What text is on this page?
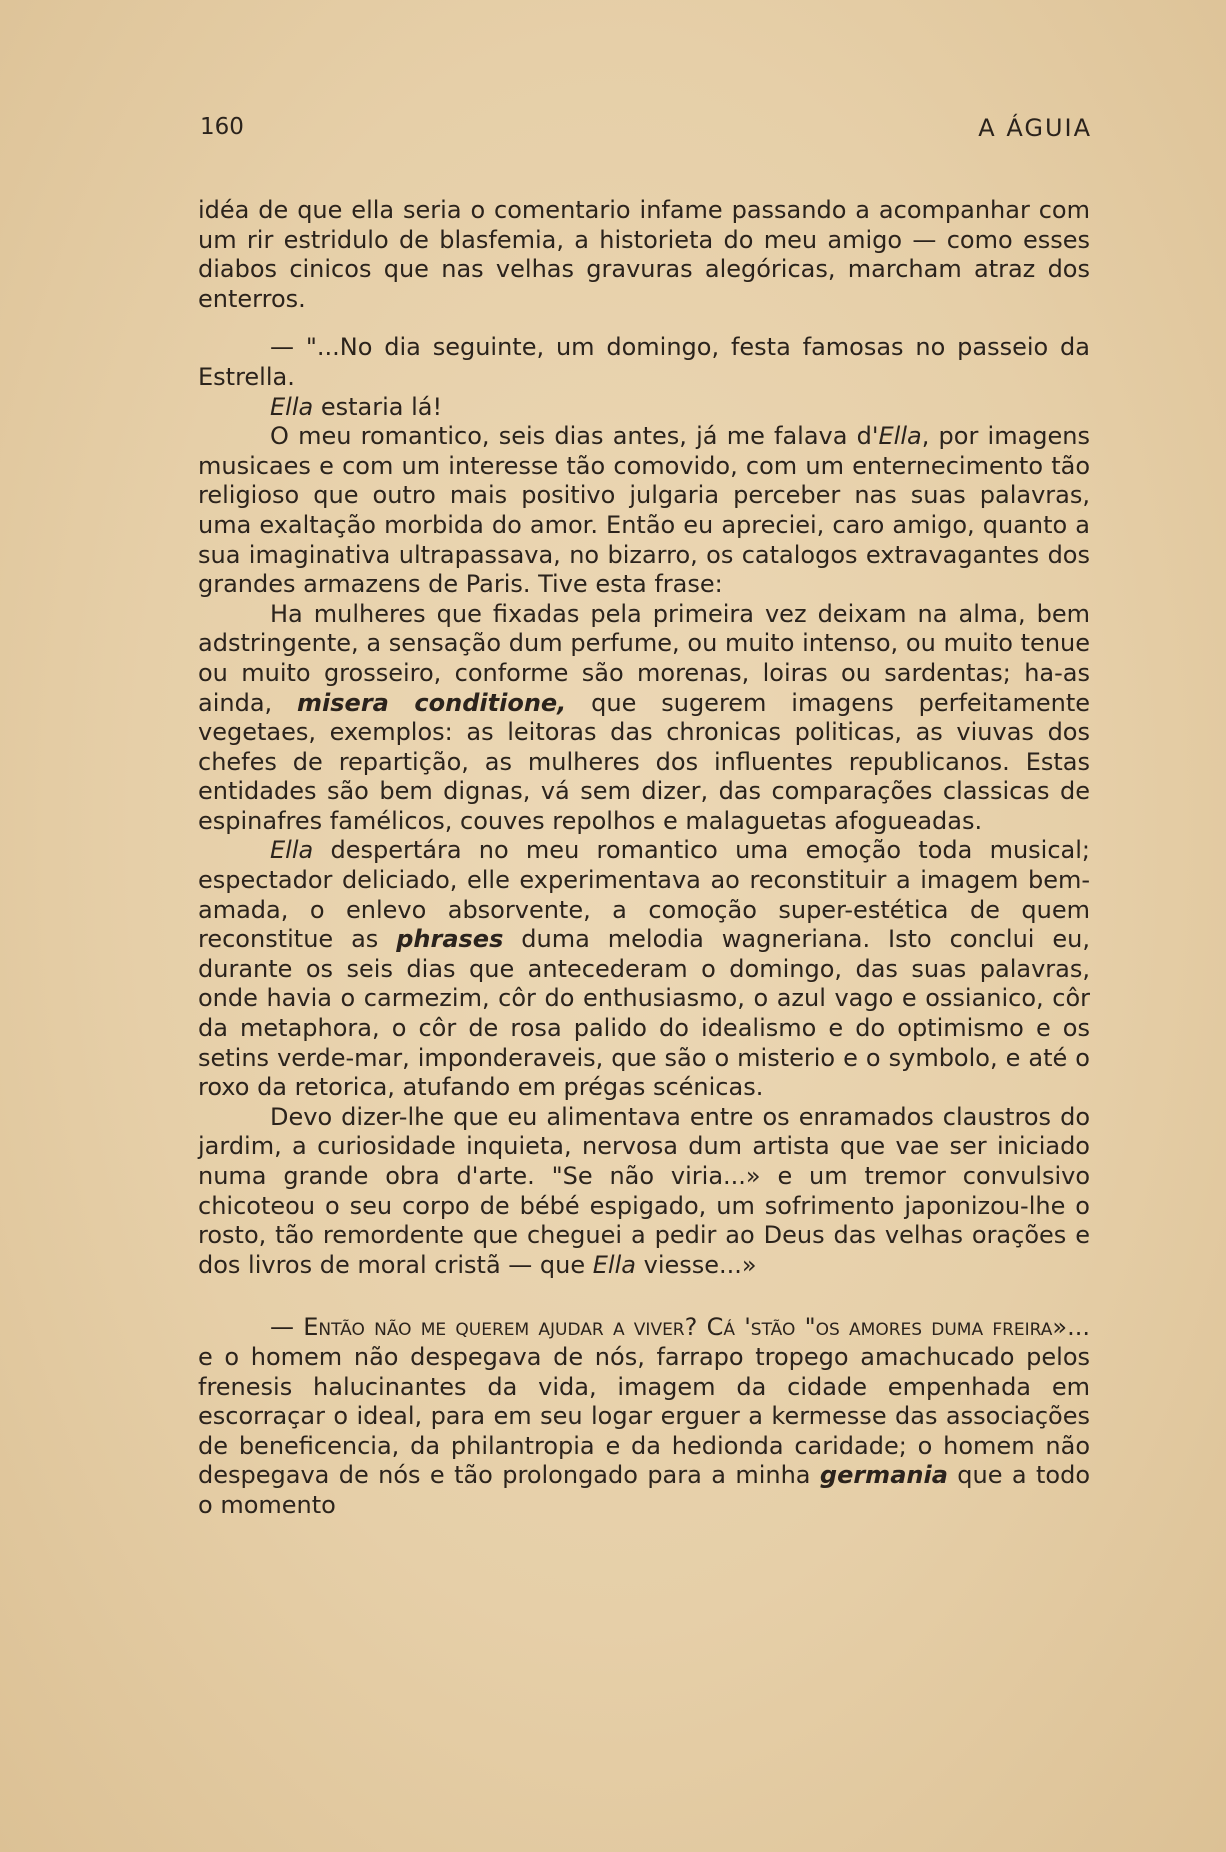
160	A ÁGUIA

idéa de que ella seria o comentario infame passando a acompanhar com um rir estridulo de blasfemia, a historieta do meu amigo — como esses diabos cinicos que nas velhas gravuras alegóricas, marcham atraz dos enterros.

— "...No dia seguinte, um domingo, festa famosas no passeio da Estrella.

Ella estaria lá!

O meu romantico, seis dias antes, já me falava d'Ella, por imagens musicaes e com um interesse tão comovido, com um enternecimento tão religioso que outro mais positivo julgaria perceber nas suas palavras, uma exaltação morbida do amor. Então eu apreciei, caro amigo, quanto a sua imaginativa ultrapassava, no bizarro, os catalogos extravagantes dos grandes armazens de Paris. Tive esta frase:

Ha mulheres que fixadas pela primeira vez deixam na alma, bem adstringente, a sensação dum perfume, ou muito intenso, ou muito tenue ou muito grosseiro, conforme são morenas, loiras ou sardentas; ha-as ainda, misera conditione, que sugerem imagens perfeitamente vegetaes, exemplos: as leitoras das chronicas politicas, as viuvas dos chefes de repartição, as mulheres dos influentes republicanos. Estas entidades são bem dignas, vá sem dizer, das comparações classicas de espinafres famélicos, couves repolhos e malaguetas afogueadas.

Ella despertára no meu romantico uma emoção toda musical; espectador deliciado, elle experimentava ao reconstituir a imagem bem-amada, o enlevo absorvente, a comoção super-estética de quem reconstitue as phrases duma melodia wagneriana. Isto conclui eu, durante os seis dias que antecederam o domingo, das suas palavras, onde havia o carmezim, côr do enthusiasmo, o azul vago e ossianico, côr da metaphora, o côr de rosa palido do idealismo e do optimismo e os setins verde-mar, imponderaveis, que são o misterio e o symbolo, e até o roxo da retorica, atufando em prégas scénicas.

Devo dizer-lhe que eu alimentava entre os enramados claustros do jardim, a curiosidade inquieta, nervosa dum artista que vae ser iniciado numa grande obra d'arte. "Se não viria...» e um tremor convulsivo chicoteou o seu corpo de bébé espigado, um sofrimento japonizou-lhe o rosto, tão remordente que cheguei a pedir ao Deus das velhas orações e dos livros de moral cristã — que Ella viesse...»

— Então não me querem ajudar a viver? Cá 'stão "os amores duma freira»... e o homem não despegava de nós, farrapo tropego amachucado pelos frenesis halucinantes da vida, imagem da cidade empenhada em escorraçar o ideal, para em seu logar erguer a kermesse das associações de beneficencia, da philantropia e da hedionda caridade; o homem não despegava de nós e tão prolongado para a minha germania que a todo o momento
